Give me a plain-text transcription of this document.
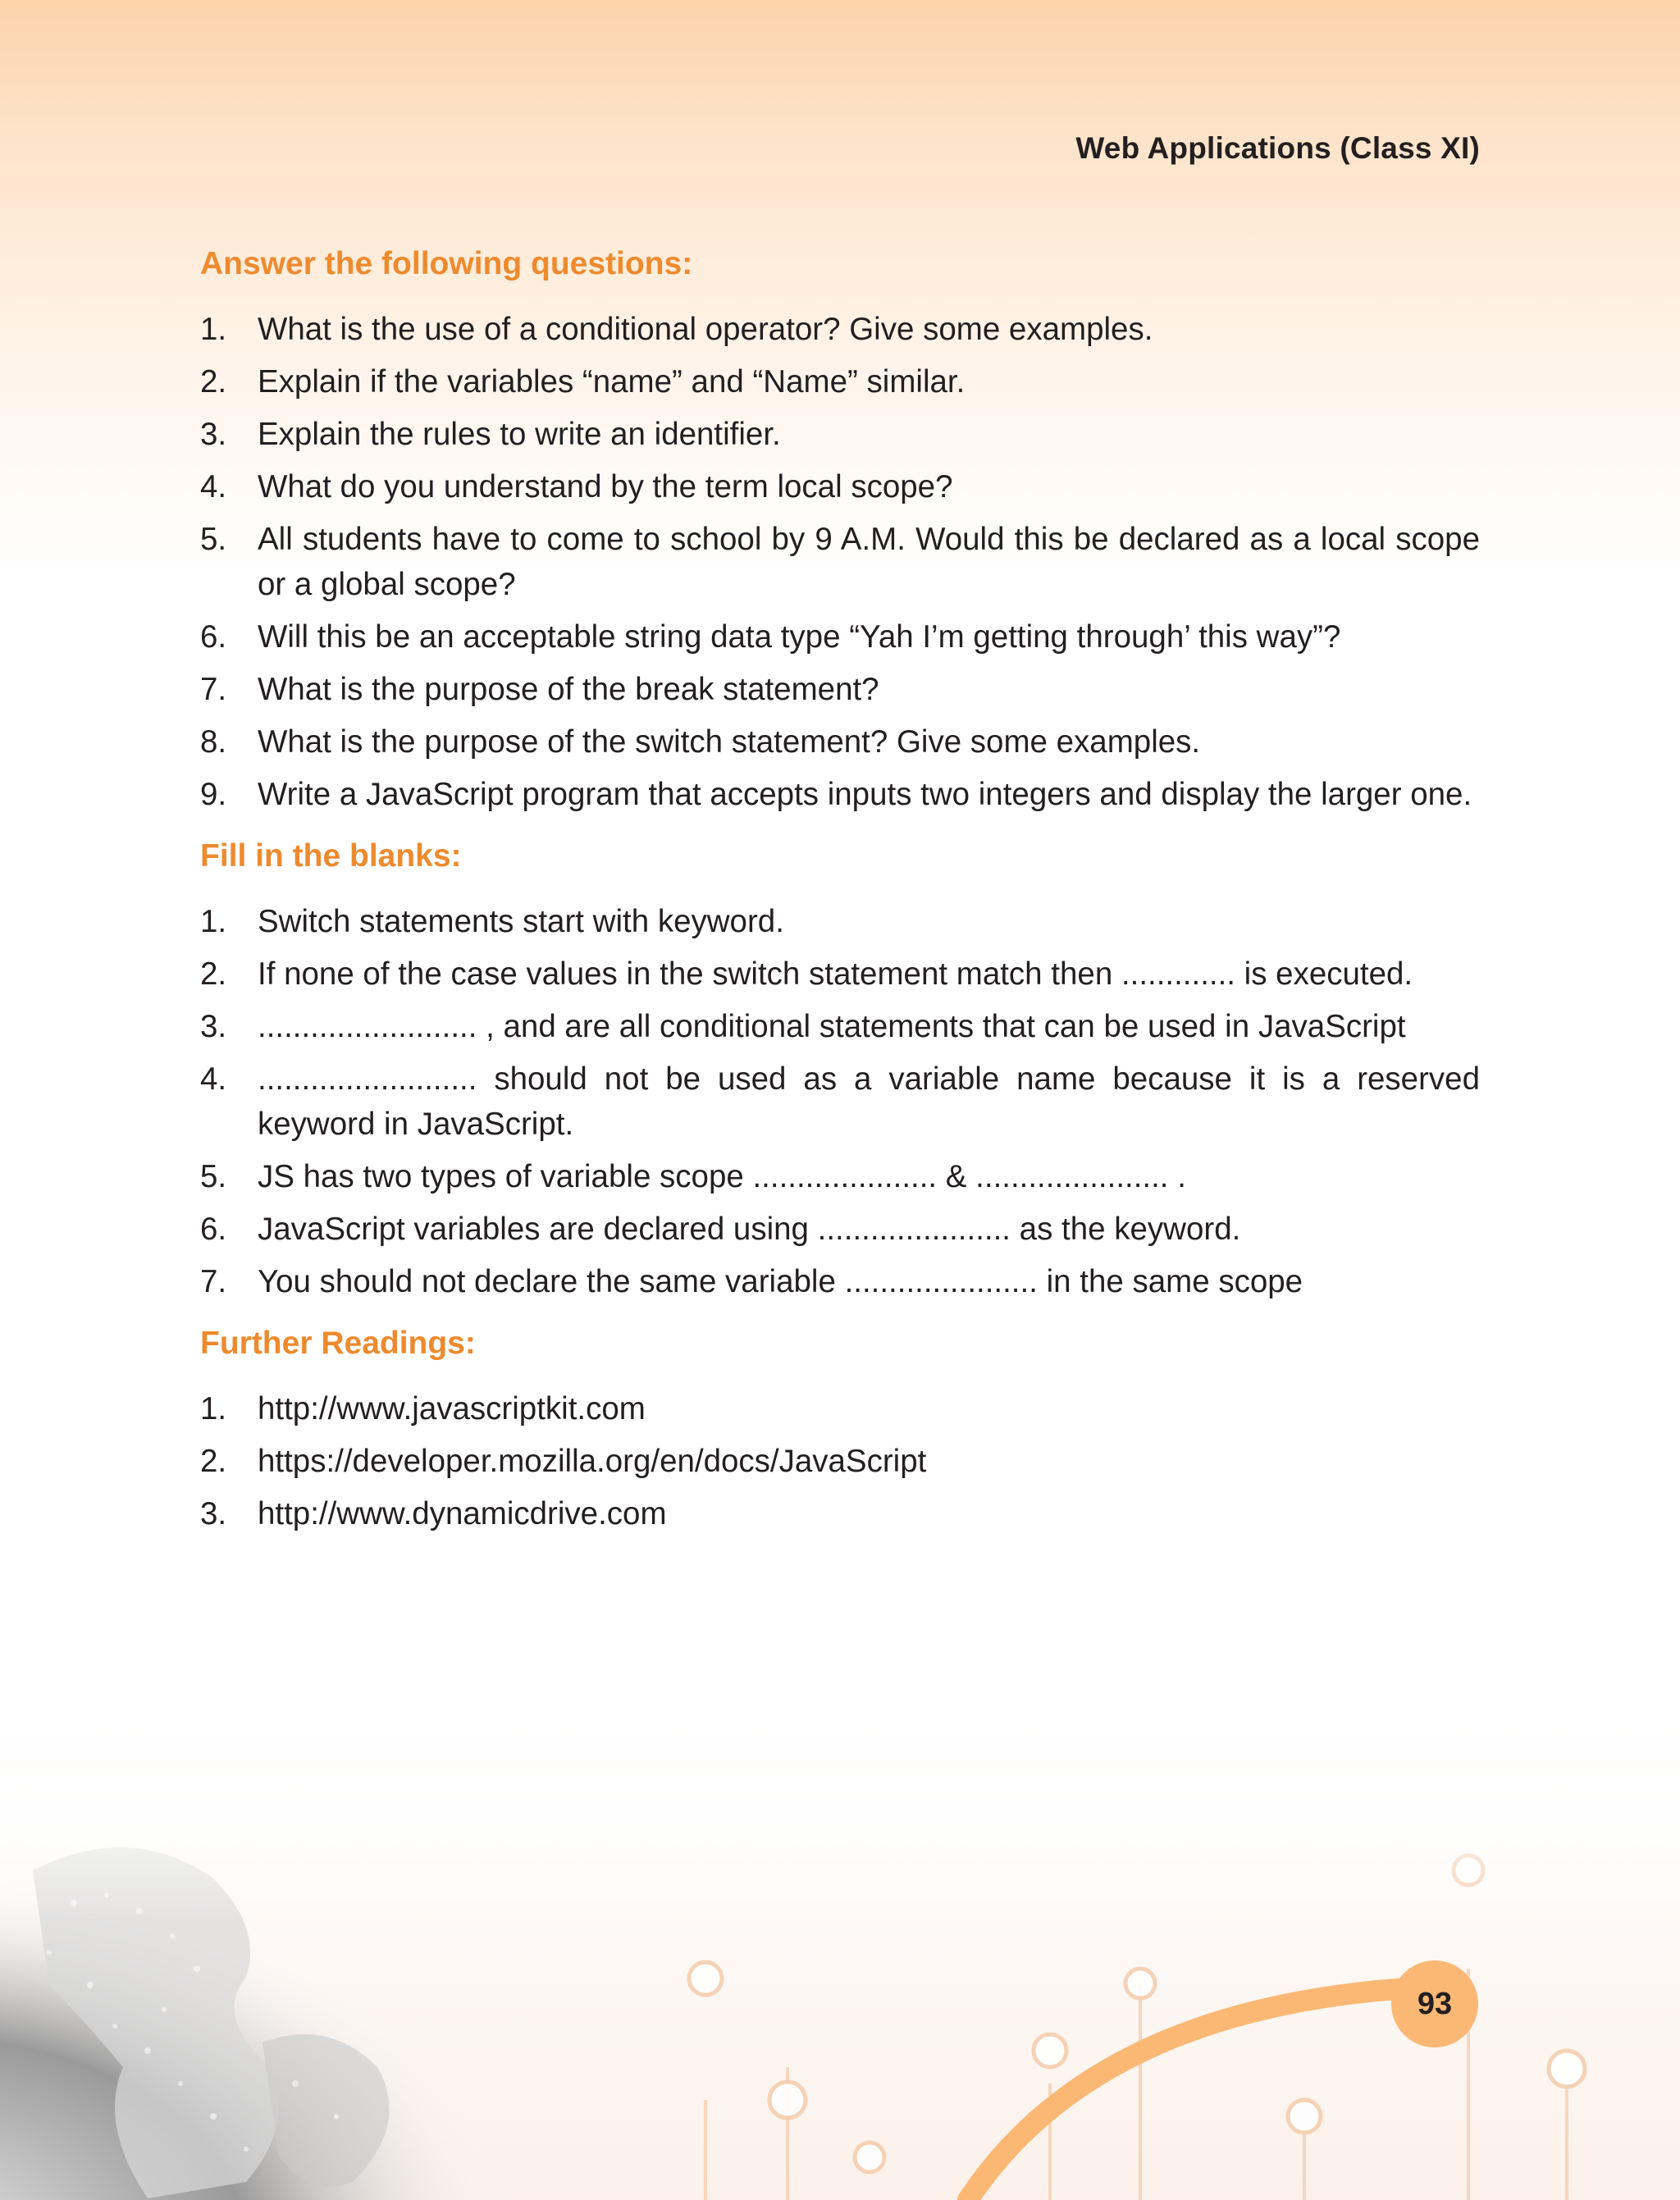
Web Applications (Class XI)
Answer the following questions:
1. What is the use of a conditional operator? Give some examples.
2. Explain if the variables “name” and “Name” similar.
3. Explain the rules to write an identifier.
4. What do you understand by the term local scope?
5. All students have to come to school by 9 A.M. Would this be declared as a local scope or a global scope?
6. Will this be an acceptable string data type “Yah I’m getting through’ this way”?
7. What is the purpose of the break statement?
8. What is the purpose of the switch statement? Give some examples.
9. Write a JavaScript program that accepts inputs two integers and display the larger one.
Fill in the blanks:
1. Switch statements start with keyword.
2. If none of the case values in the switch statement match then ............. is executed.
3. ......................... , and are all conditional statements that can be used in JavaScript
4. ......................... should not be used as a variable name because it is a reserved keyword in JavaScript.
5. JS has two types of variable scope ..................... & ...................... .
6. JavaScript variables are declared using ...................... as the keyword.
7. You should not declare the same variable ...................... in the same scope
Further Readings:
1. http://www.javascriptkit.com
2. https://developer.mozilla.org/en/docs/JavaScript
3. http://www.dynamicdrive.com
93
